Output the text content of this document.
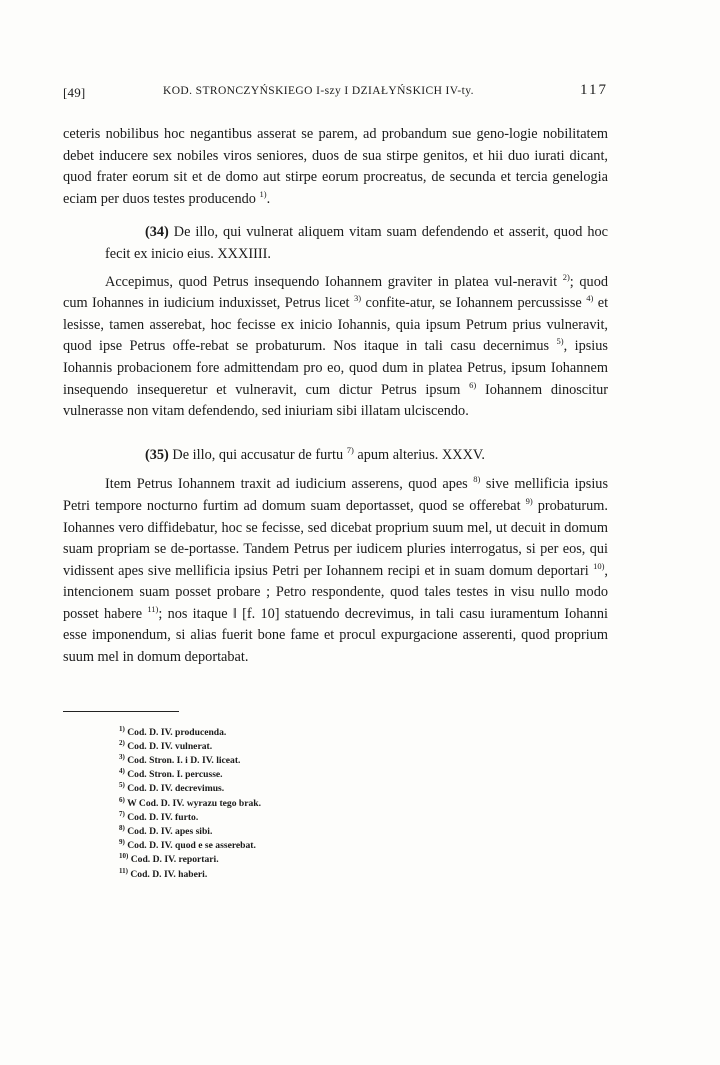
[49]	KOD. STRONCZYŃSKIEGO I-szy I DZIAŁYŃSKICH IV-ty.	117

ceteris nobilibus hoc negantibus asserat se parem, ad probandum sue geno-logie nobilitatem debet inducere sex nobiles viros seniores, duos de sua stirpe genitos, et hii duo iurati dicant, quod frater eorum sit et de domo aut stirpe eorum procreatus, de secunda et tercia genelogia eciam per duos testes producendo $^{1)}$.

(34) De illo, qui vulnerat aliquem vitam suam defendendo et asserit, quod hoc fecit ex inicio eius. XXXIIII.

Accepimus, quod Petrus insequendo Iohannem graviter in platea vul-neravit $^{2)}$; quod cum Iohannes in iudicium induxisset, Petrus licet $^{3)}$ confite-atur, se Iohannem percussisse $^{4)}$ et lesisse, tamen asserebat, hoc fecisse ex inicio Iohannis, quia ipsum Petrum prius vulneravit, quod ipse Petrus offe-rebat se probaturum. Nos itaque in tali casu decernimus $^{5)}$, ipsius Iohannis probacionem fore admittendam pro eo, quod dum in platea Petrus, ipsum Iohannem insequendo insequeretur et vulneravit, cum dictur Petrus ipsum $^{6)}$ Iohannem dinoscitur vulnerasse non vitam defendendo, sed iniuriam sibi illatam ulciscendo.

(35) De illo, qui accusatur de furtu $^{7)}$ apum alterius. XXXV.

Item Petrus Iohannem traxit ad iudicium asserens, quod apes $^{8)}$ sive mellificia ipsius Petri tempore nocturno furtim ad domum suam deportasset, quod se offerebat $^{9)}$ probaturum. Iohannes vero diffidebatur, hoc se fecisse, sed dicebat proprium suum mel, ut decuit in domum suam propriam se de-portasse. Tandem Petrus per iudicem pluries interrogatus, si per eos, qui vidissent apes sive mellificia ipsius Petri per Iohannem recipi et in suam domum deportari $^{10)}$, intencionem suam posset probare ; Petro respondente, quod tales testes in visu nullo modo posset habere $^{11)}$; nos itaque ‖ [f. 10] statuendo decrevimus, in tali casu iuramentum Iohanni esse imponendum, si alias fuerit bone fame et procul expurgacione asserenti, quod proprium suum mel in domum deportabat.

$^{1)}$ Cod. D. IV. producenda.
$^{2)}$ Cod. D. IV. vulnerat.
$^{3)}$ Cod. Stron. I. i D. IV. liceat.
$^{4)}$ Cod. Stron. I. percusse.
$^{5)}$ Cod. D. IV. decrevimus.
$^{6)}$ W Cod. D. IV. wyrazu tego brak.
$^{7)}$ Cod. D. IV. furto.
$^{8)}$ Cod. D. IV. apes sibi.
$^{9)}$ Cod. D. IV. quod e se asserebat.
$^{10)}$ Cod. D. IV. reportari.
$^{11)}$ Cod. D. IV. haberi.
